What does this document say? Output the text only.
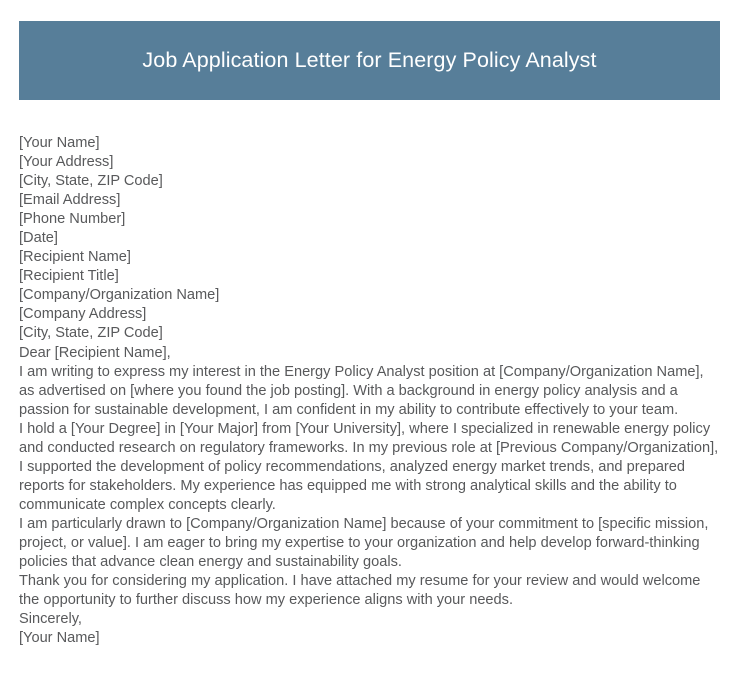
Job Application Letter for Energy Policy Analyst
[Your Name]
[Your Address]
[City, State, ZIP Code]
[Email Address]
[Phone Number]
[Date]
[Recipient Name]
[Recipient Title]
[Company/Organization Name]
[Company Address]
[City, State, ZIP Code]
Dear [Recipient Name],

I am writing to express my interest in the Energy Policy Analyst position at [Company/Organization Name], as advertised on [where you found the job posting]. With a background in energy policy analysis and a passion for sustainable development, I am confident in my ability to contribute effectively to your team.

I hold a [Your Degree] in [Your Major] from [Your University], where I specialized in renewable energy policy and conducted research on regulatory frameworks. In my previous role at [Previous Company/Organization], I supported the development of policy recommendations, analyzed energy market trends, and prepared reports for stakeholders. My experience has equipped me with strong analytical skills and the ability to communicate complex concepts clearly.

I am particularly drawn to [Company/Organization Name] because of your commitment to [specific mission, project, or value]. I am eager to bring my expertise to your organization and help develop forward-thinking policies that advance clean energy and sustainability goals.

Thank you for considering my application. I have attached my resume for your review and would welcome the opportunity to further discuss how my experience aligns with your needs.

Sincerely,
[Your Name]
